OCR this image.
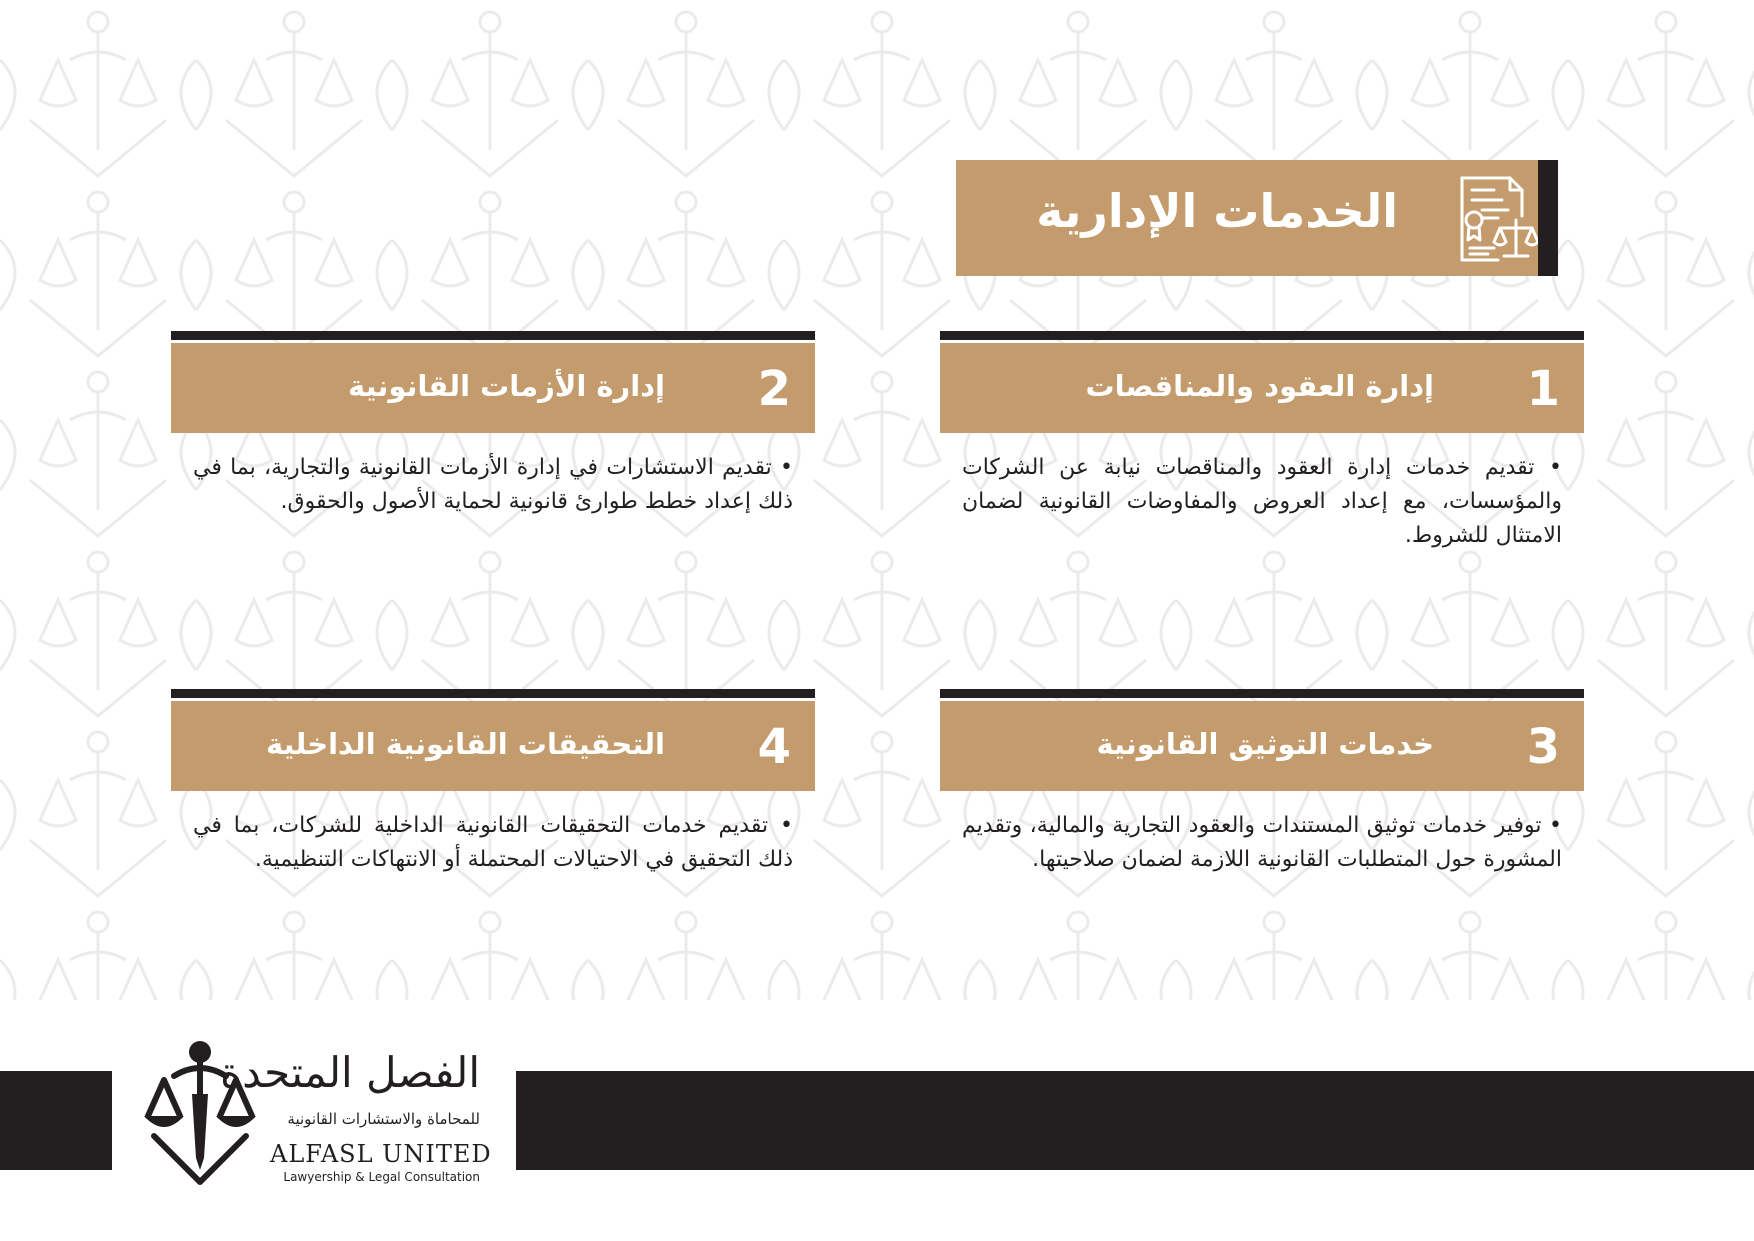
الخدمات الإدارية
1
إدارة العقود والمناقصات
• تقديم خدمات إدارة العقود والمناقصات نيابة عن الشركات والمؤسسات، مع إعداد العروض والمفاوضات القانونية لضمان الامتثال للشروط.
2
إدارة الأزمات القانونية
• تقديم الاستشارات في إدارة الأزمات القانونية والتجارية، بما في ذلك إعداد خطط طوارئ قانونية لحماية الأصول والحقوق.
3
خدمات التوثيق القانونية
• توفير خدمات توثيق المستندات والعقود التجارية والمالية، وتقديم المشورة حول المتطلبات القانونية اللازمة لضمان صلاحيتها.
4
التحقيقات القانونية الداخلية
• تقديم خدمات التحقيقات القانونية الداخلية للشركات، بما في ذلك التحقيق في الاحتيالات المحتملة أو الانتهاكات التنظيمية.
الفصل المتحدة
للمحاماة والاستشارات القانونية
ALFASL UNITED
Lawyership & Legal Consultation
